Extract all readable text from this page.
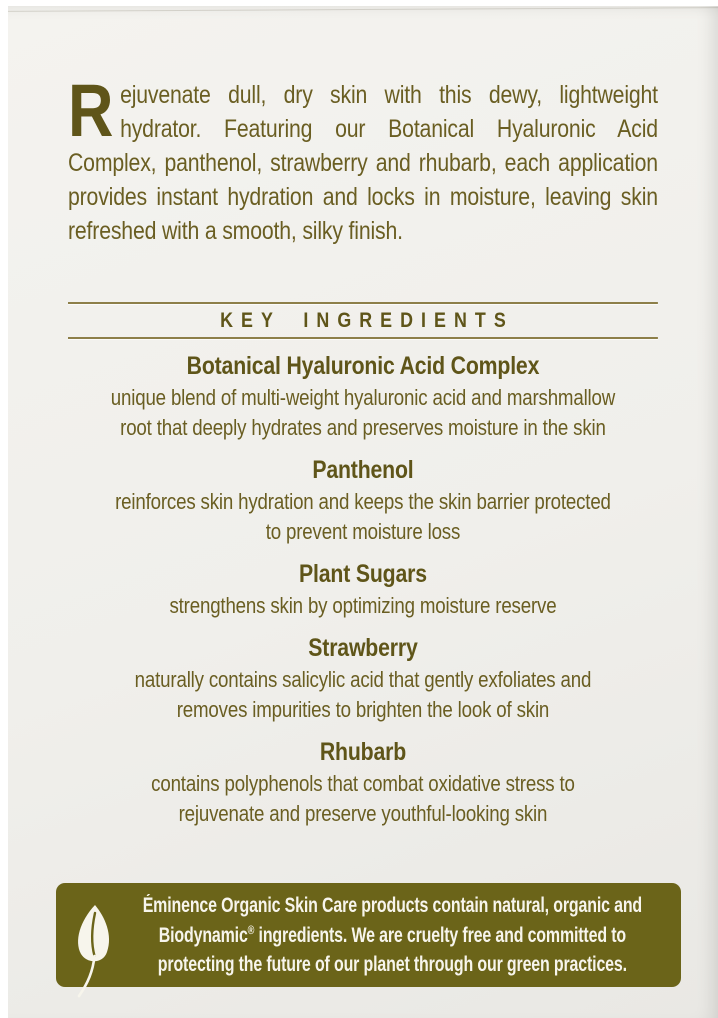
Rejuvenate dull, dry skin with this dewy, lightweight hydrator. Featuring our Botanical Hyaluronic Acid Complex, panthenol, strawberry and rhubarb, each application provides instant hydration and locks in moisture, leaving skin refreshed with a smooth, silky finish.

KEY INGREDIENTS
Botanical Hyaluronic Acid Complex
unique blend of multi-weight hyaluronic acid and marshmallow
root that deeply hydrates and preserves moisture in the skin
Panthenol
reinforces skin hydration and keeps the skin barrier protected
to prevent moisture loss
Plant Sugars
strengthens skin by optimizing moisture reserve
Strawberry
naturally contains salicylic acid that gently exfoliates and
removes impurities to brighten the look of skin
Rhubarb
contains polyphenols that combat oxidative stress to
rejuvenate and preserve youthful-looking skin
Éminence Organic Skin Care products contain natural, organic and
Biodynamic® ingredients. We are cruelty free and committed to
protecting the future of our planet through our green practices.
